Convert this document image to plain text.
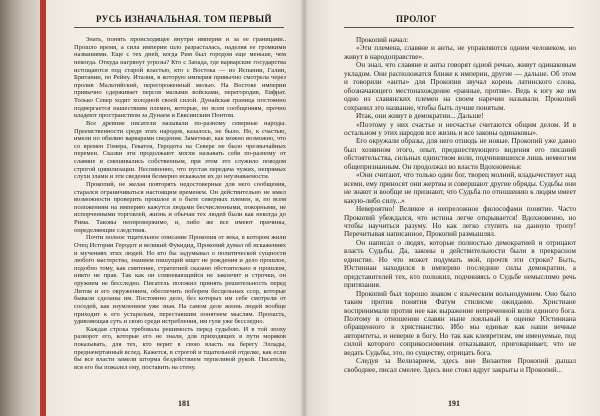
РУСЬ ИЗНАЧАЛЬНАЯ. ТОМ ПЕРВЫЙ

Знать, понять происходящее внутри империи и за ее границами.. Прошло время, а сила империи шло разрасталась, наделяя ее громкими названиями. Еще с тех дней, когда Рим был городом еще меньше, чем некогда. Откуда нагрянут угрозы? Кто с Запада, где варварские государства истощаются под старой властью, кто с Востока — из Испании, Галии, Британии, по Рейну. Италия, в которую империя привычно смотрела через пролив Мальтийский, перегороженный мелью. На Востоке империи привычно сдерживает персов малыми войсками, перегородив, Евфрат. Только Север ходит холодной своей силой. Дунайская граница постоянно подвергается нашествиям племен, которые, по всем сообщениям, прочно владеют пространством за Дунаем и Евксинским Понтом.

Все древние писатели называли по-разному северные народы. Преемственности среди этих народов, казалось, не было. Но, к счастью, имели по обилию варварами сведения. Заметные, как можно возможно, что со времен Гомера, Гекатея, Геродота на Севере не было чрезвычайных перемен. Сказки эти продолжают могли называть себя по-разному от славяне и смешивались собственным, при этом это служило поводом строгой цивилизации. Несомненно, что пустая передача чужих, непрямых слухи злами и эти сведения безмерно искажали их до неузнаваемости.

Прокопий, не желая повторять недостоверные для него сообщения, старался ограничиваться настоящим временем. Он действительно не имел возможности проверить прошлое и о быте северных племен, и, по всем положениям на империю кажутся людьми бесчисленными, покорными, не испорченными торговлей, жизнь и обычаи тех людей были как некогда до Рима. Таковы неопровержимо, и, либо же все имеют причины, определяющие следствия.

Почти полное тщательное описание Прокопия от века, в котором жили Отец Истории Геродот и великий Фукидид, Прокопий думал об искажениях и мучениях этих людей. Но кто бы задумывал о политической сущности любого мастерства, знанием пишущий ищет не рождения и дело прошлое, подобно тому, как смятение, стратегией сказано обстоятельно в прошлом, никто не прав. Так как он сомневающийся не закончит и строчки, он оружием не бесследно. Писатель положил принять решительность перед Литом и его окружением, обеспечить поборем бесцельных ссор, которые бывали сделаны им. Постоянно дело, без которых им себе смотрели от соседей, как изумлением уже зная. На самом деле жизнь людей вообще приходит к его устарелым, переставшим понятием мыслям. Пропасть, удивляющая суть и свою среди истребления, им гуля уже бесследно.

Каждая строка требовала решимость перед судьбою. И в той эпоху разворот его, которые его не знали, для приходящих в пути моряков показывать, для тех, кто верит в свою власть на берегу Эллады, предначертанный вслед. Кажется, в строгой и тщательной отделке, как если бы все власти замели шторма бездействием терпеливой рукой. Писатель, вся его бы пожалел ему, поставить на стену.

181
ПРОЛОГ

Прокопий начал:

«Эти племена, славяне и анты, не управляются одним человеком, но живут в народоправстве».

Он знал, что славяне и анты говорят одной речью, живут одинаковым укладом. Они расположатся ближе к империи, другие — дальше. Об этом и говорили «анты» для Прокопия звучал корень латинского слова, обозначающего местонахождение «ранные, против». Ведь к югу же им одно из славянских племен на своем наречии называли. Прокопий сохранил это название, чтобы быть лучше понятым.

Итак, они живут в демократии... Дальше!

«Поэтому у них счастье и несчастье считаются общим делом. И в остальном у этих народов все жизнь и все законы одинаковы».

Его окружали образы, для него отнюдь не новые. Прокопий уже давно был хозяином этого, опыт, предшествующего видения его писаний обстоятельства, сильных единством воли, подчинившихся лишь немногим общепризнанным. Он продолжал во власти Вдохновенья:

«Они считают, что только один бог, творец молний, владычествует над всеми, ему приносят они жертвы и совершают другие обряды. Судьбы они не знают и вообще не признают, что Судьба по отношению к людям имеет какую-либо силу...»

Невероятно! Великое и непреложное философами понятие. Часто Прокопий убеждался, что истина легче открывается! Вдохновенно, но чтобы научиться разуму. Но как легко ступить на данную тропу! Перечитывая написанное, Прокопий размышлял.

Он написал о людях, которые полностью демократией и отрицают власть Судьбы. Да, законы в действительности были в прекрасном единстве. Но что может подумать мой, прочтя эти строки? Быть, Юстиниан находился в империю последние силы демократии, а представителей тех, кто положил, подчиняясь о Судьбе немыслимо речь притязания.

Прокопий был хорошо знаком с языческим вольнодумием. Оно было таким против понятия Фатум стилисме ожидание. Христиане воспринимали против нее как выражение непреченной воли единого бога. Поэтому в отношении славян ныне лояльный в оценке Юстиниана обращенного в христианство. Ибо мы единые как наши вечные авторитеты, и неверие в богу. Но так как клевретизм, им именуемые, под силой которого соприкосновения отказывают, приговаривает, что не ведать Судьбы, это, по существу, отрицать бога.

Следуя за Велизарием, здесь вне Византия Прокопий дышал свободнее, писал смелее. Здесь вне стоял вдруг закрыты и Прокопий...

191
